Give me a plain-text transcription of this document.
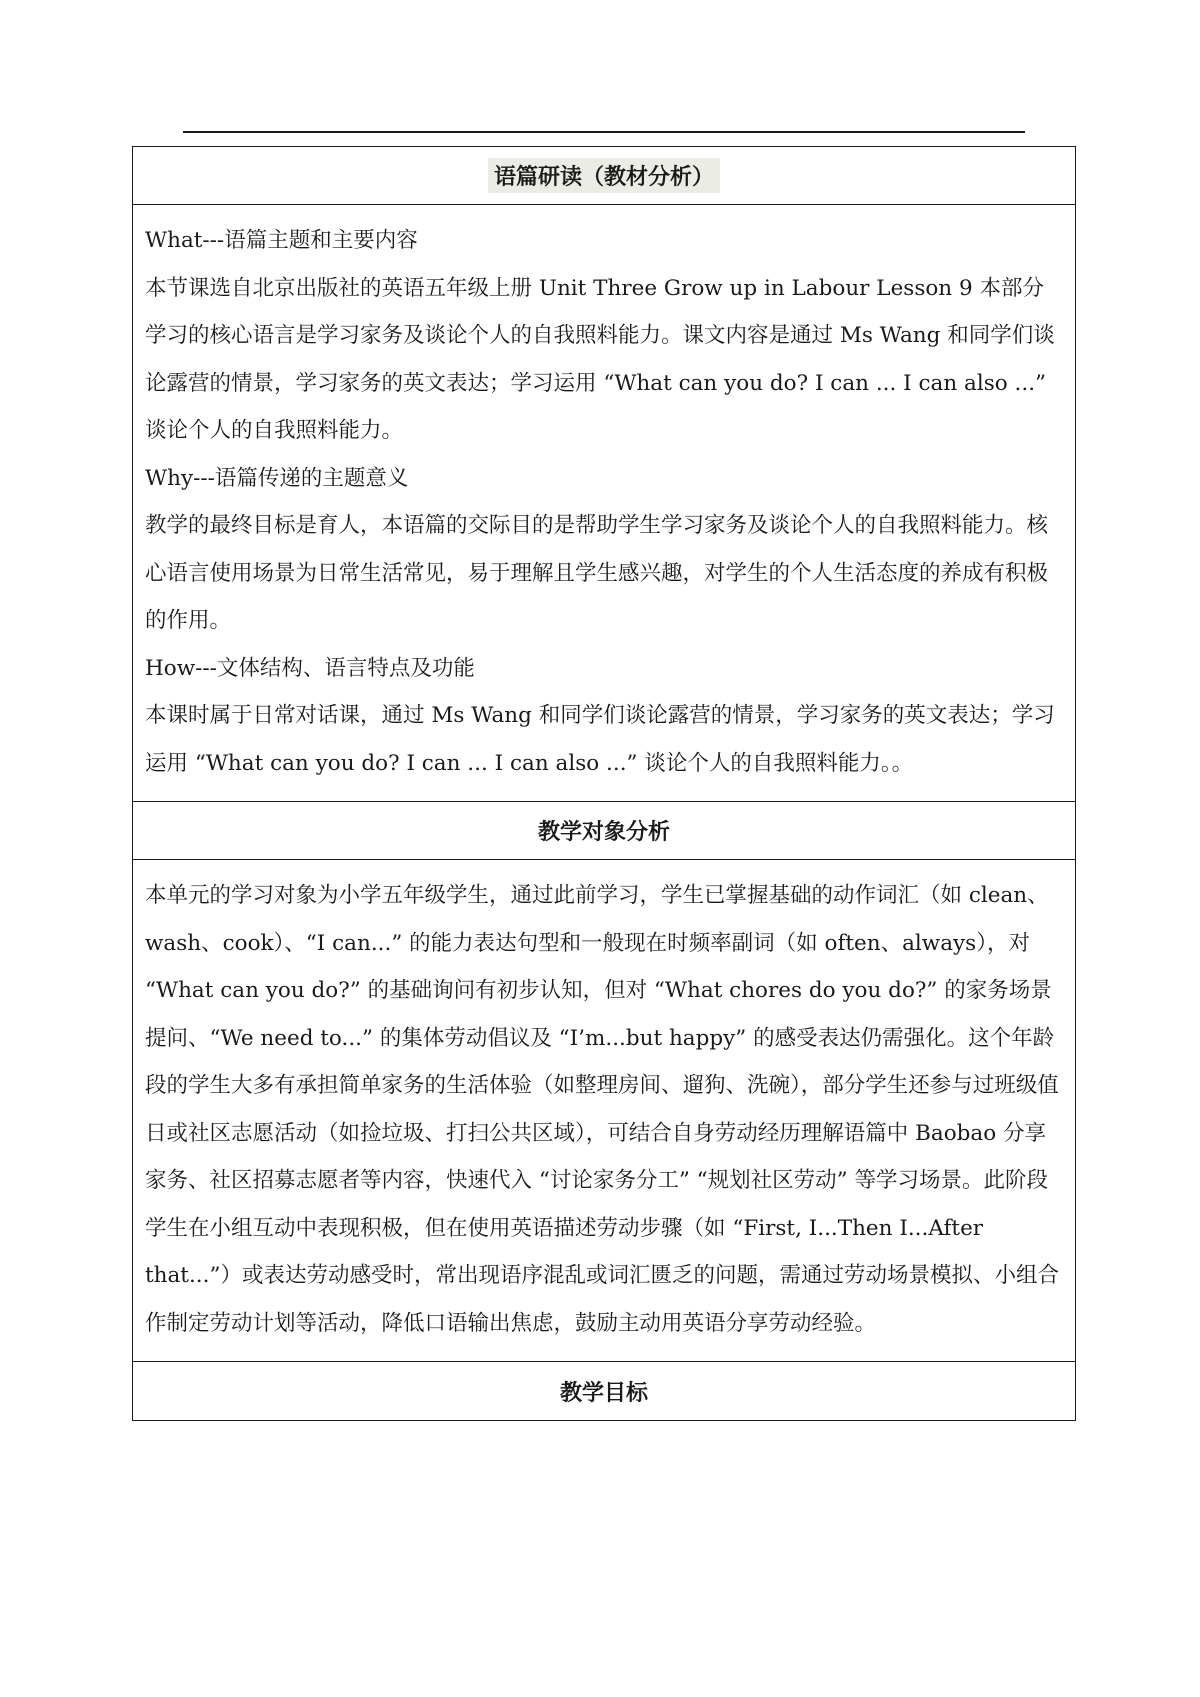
语篇研读（教材分析）

What---语篇主题和主要内容

本节课选自北京出版社的英语五年级上册 Unit Three Grow up in Labour Lesson 9 本部分学习的核心语言是学习家务及谈论个人的自我照料能力。课文内容是通过 Ms Wang 和同学们谈论露营的情景，学习家务的英文表达；学习运用 “What can you do? I can ... I can also ...” 谈论个人的自我照料能力。

Why---语篇传递的主题意义

教学的最终目标是育人，本语篇的交际目的是帮助学生学习家务及谈论个人的自我照料能力。核心语言使用场景为日常生活常见，易于理解且学生感兴趣，对学生的个人生活态度的养成有积极的作用。

How---文体结构、语言特点及功能

本课时属于日常对话课，通过 Ms Wang 和同学们谈论露营的情景，学习家务的英文表达；学习运用 “What can you do? I can ... I can also ...” 谈论个人的自我照料能力。。

教学对象分析

本单元的学习对象为小学五年级学生，通过此前学习，学生已掌握基础的动作词汇（如 clean、wash、cook）、“I can...” 的能力表达句型和一般现在时频率副词（如 often、always），对 “What can you do?” 的基础询问有初步认知，但对 “What chores do you do?” 的家务场景提问、“We need to...” 的集体劳动倡议及 “I’m...but happy” 的感受表达仍需强化。这个年龄段的学生大多有承担简单家务的生活体验（如整理房间、遛狗、洗碗），部分学生还参与过班级值日或社区志愿活动（如捡垃圾、打扫公共区域），可结合自身劳动经历理解语篇中 Baobao 分享家务、社区招募志愿者等内容，快速代入 “讨论家务分工” “规划社区劳动” 等学习场景。此阶段学生在小组互动中表现积极，但在使用英语描述劳动步骤（如 “First, I...Then I...After that...”）或表达劳动感受时，常出现语序混乱或词汇匮乏的问题，需通过劳动场景模拟、小组合作制定劳动计划等活动，降低口语输出焦虑，鼓励主动用英语分享劳动经验。

教学目标
